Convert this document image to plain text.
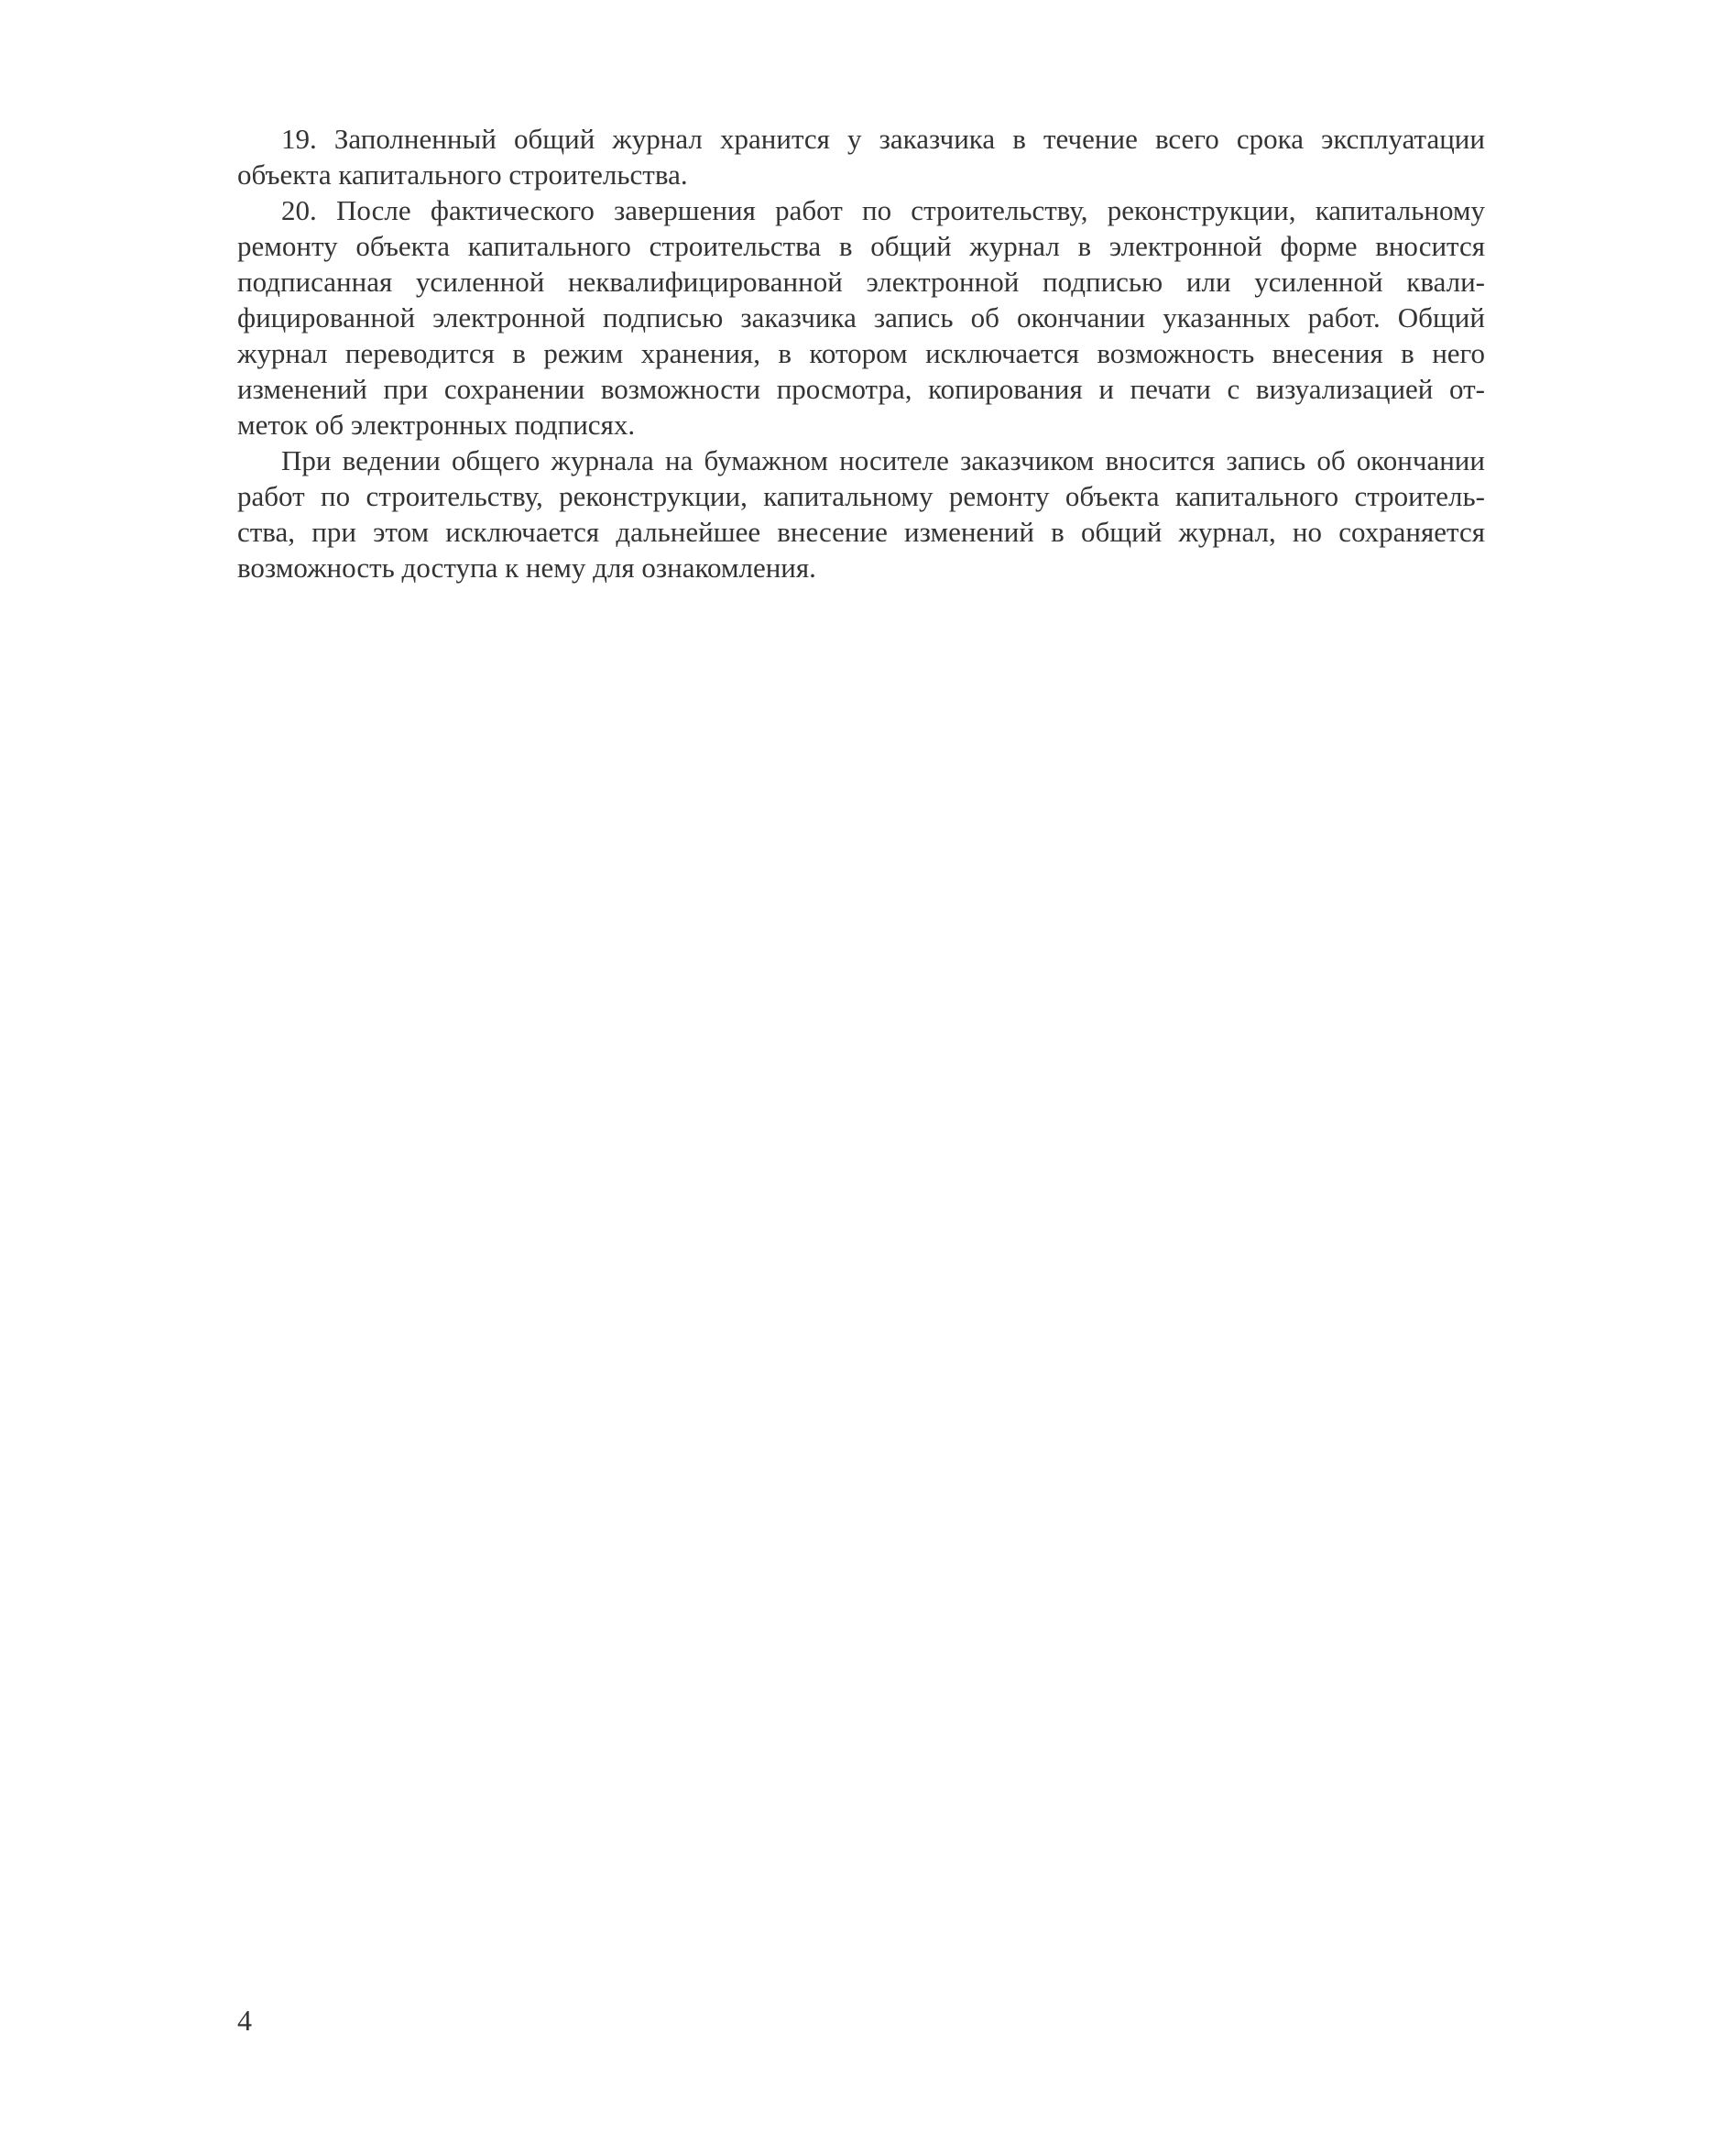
19. Заполненный общий журнал хранится у заказчика в течение всего срока эксплуатации
объекта капитального строительства.
20. После фактического завершения работ по строительству, реконструкции, капитальному
ремонту объекта капитального строительства в общий журнал в электронной форме вносится
подписанная усиленной неквалифицированной электронной подписью или усиленной квали-
фицированной электронной подписью заказчика запись об окончании указанных работ. Общий
журнал переводится в режим хранения, в котором исключается возможность внесения в него
изменений при сохранении возможности просмотра, копирования и печати с визуализацией от-
меток об электронных подписях.
При ведении общего журнала на бумажном носителе заказчиком вносится запись об окончании
работ по строительству, реконструкции, капитальному ремонту объекта капитального строитель-
ства, при этом исключается дальнейшее внесение изменений в общий журнал, но сохраняется
возможность доступа к нему для ознакомления.
4
